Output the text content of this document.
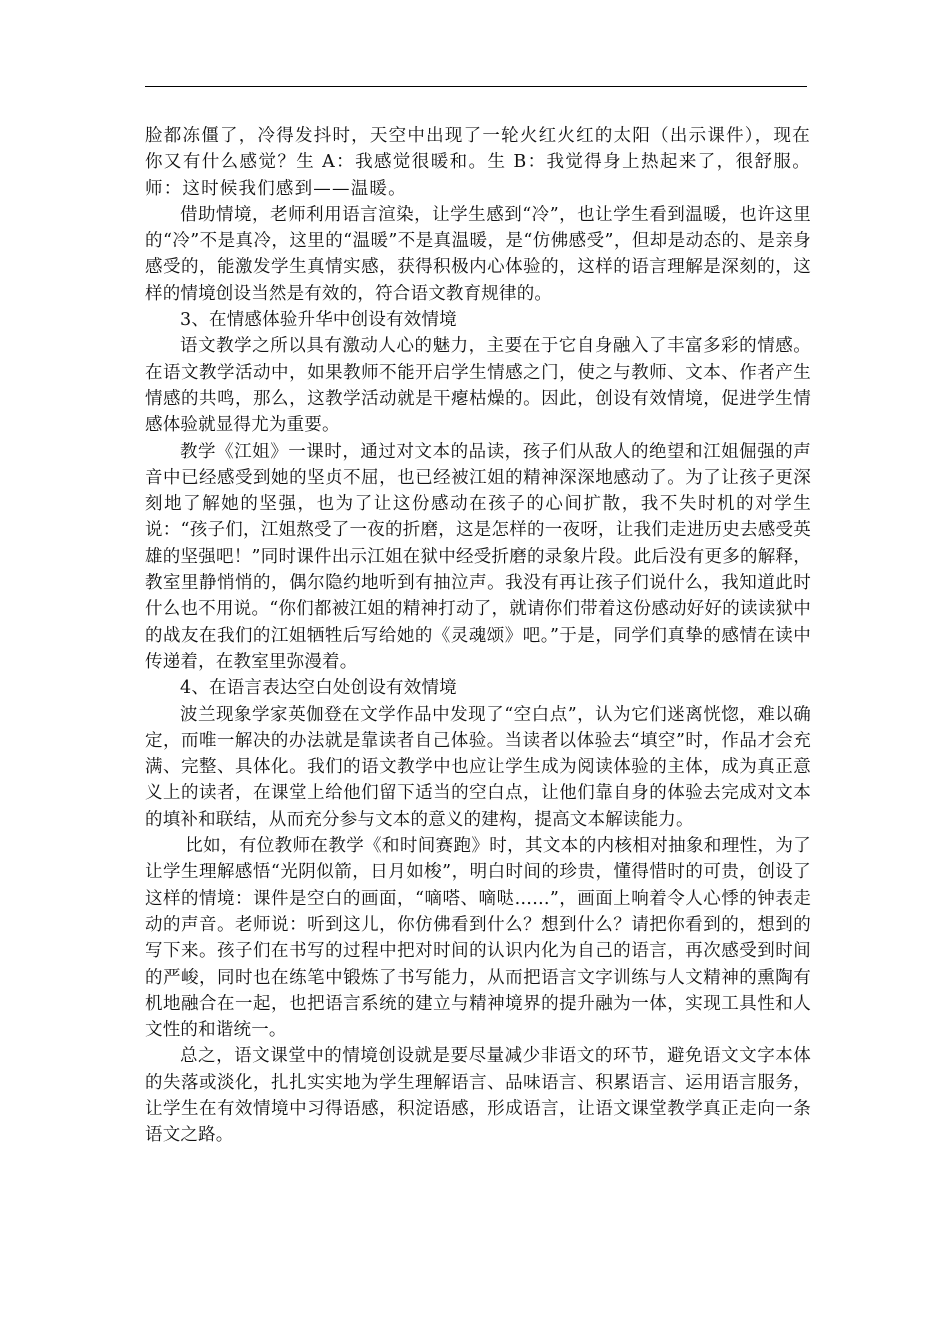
脸都冻僵了，冷得发抖时，天空中出现了一轮火红火红的太阳（出示课件），现在你又有什么感觉？生 A：我感觉很暖和。生 B：我觉得身上热起来了，很舒服。师：这时候我们感到——温暖。

借助情境，老师利用语言渲染，让学生感到“冷”，也让学生看到温暖，也许这里的“冷”不是真冷，这里的“温暖”不是真温暖，是“仿佛感受”，但却是动态的、是亲身感受的，能激发学生真情实感，获得积极内心体验的，这样的语言理解是深刻的，这样的情境创设当然是有效的，符合语文教育规律的。

3、在情感体验升华中创设有效情境

语文教学之所以具有激动人心的魅力，主要在于它自身融入了丰富多彩的情感。在语文教学活动中，如果教师不能开启学生情感之门，使之与教师、文本、作者产生情感的共鸣，那么，这教学活动就是干瘪枯燥的。因此，创设有效情境，促进学生情感体验就显得尤为重要。

教学《江姐》一课时，通过对文本的品读，孩子们从敌人的绝望和江姐倔强的声音中已经感受到她的坚贞不屈，也已经被江姐的精神深深地感动了。为了让孩子更深刻地了解她的坚强，也为了让这份感动在孩子的心间扩散，我不失时机的对学生说：“孩子们，江姐熬受了一夜的折磨，这是怎样的一夜呀，让我们走进历史去感受英雄的坚强吧！”同时课件出示江姐在狱中经受折磨的录象片段。此后没有更多的解释，教室里静悄悄的，偶尔隐约地听到有抽泣声。我没有再让孩子们说什么，我知道此时什么也不用说。“你们都被江姐的精神打动了，就请你们带着这份感动好好的读读狱中的战友在我们的江姐牺牲后写给她的《灵魂颂》吧。”于是，同学们真挚的感情在读中传递着，在教室里弥漫着。

4、在语言表达空白处创设有效情境

波兰现象学家英伽登在文学作品中发现了“空白点”，认为它们迷离恍惚，难以确定，而唯一解决的办法就是靠读者自己体验。当读者以体验去“填空”时，作品才会充满、完整、具体化。我们的语文教学中也应让学生成为阅读体验的主体，成为真正意义上的读者，在课堂上给他们留下适当的空白点，让他们靠自身的体验去完成对文本的填补和联结，从而充分参与文本的意义的建构，提高文本解读能力。

比如，有位教师在教学《和时间赛跑》时，其文本的内核相对抽象和理性，为了让学生理解感悟“光阴似箭，日月如梭”，明白时间的珍贵，懂得惜时的可贵，创设了这样的情境：课件是空白的画面，“嘀嗒、嘀哒……”，画面上响着令人心悸的钟表走动的声音。老师说：听到这儿，你仿佛看到什么？想到什么？请把你看到的，想到的写下来。孩子们在书写的过程中把对时间的认识内化为自己的语言，再次感受到时间的严峻，同时也在练笔中锻炼了书写能力，从而把语言文字训练与人文精神的熏陶有机地融合在一起，也把语言系统的建立与精神境界的提升融为一体，实现工具性和人文性的和谐统一。

总之，语文课堂中的情境创设就是要尽量减少非语文的环节，避免语文文字本体的失落或淡化，扎扎实实地为学生理解语言、品味语言、积累语言、运用语言服务，让学生在有效情境中习得语感，积淀语感，形成语言，让语文课堂教学真正走向一条语文之路。
